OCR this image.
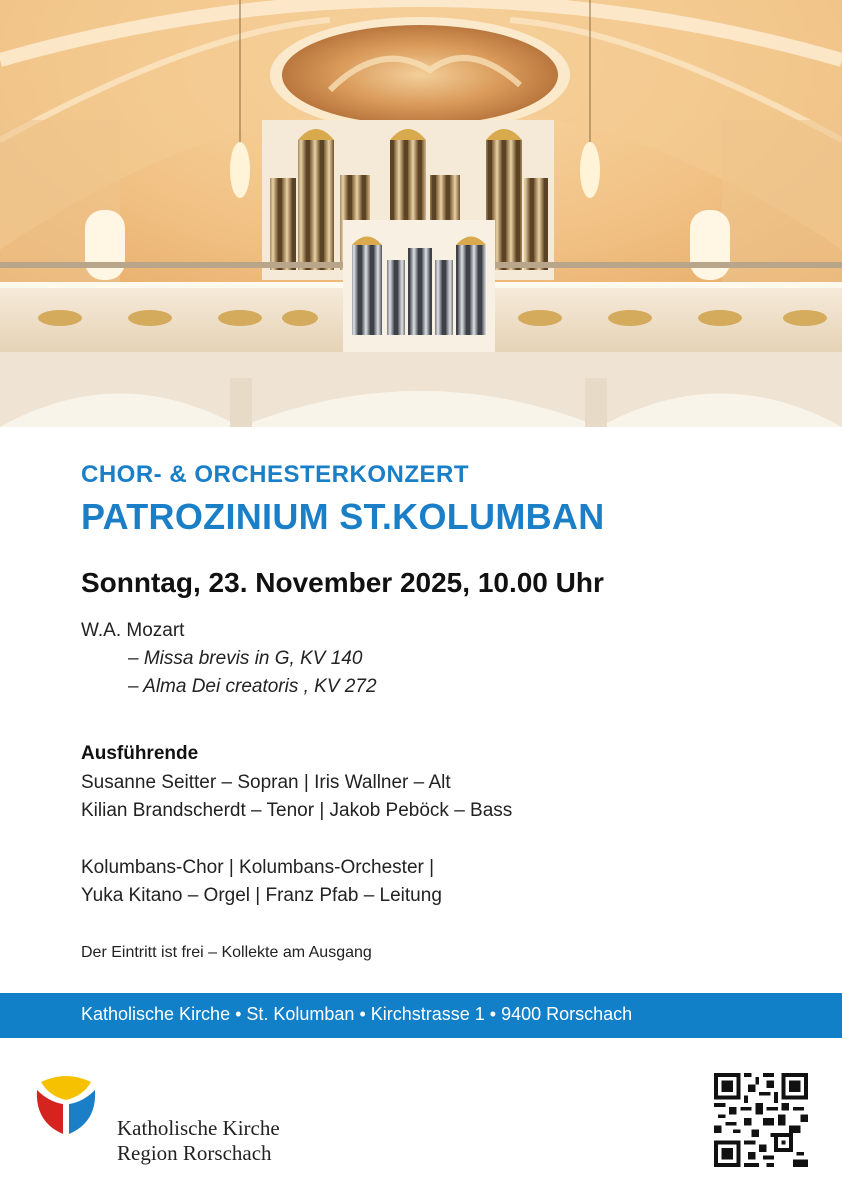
CHOR- & ORCHESTERKONZERT
PATROZINIUM ST.KOLUMBAN
Sonntag, 23. November 2025, 10.00 Uhr
W.A. Mozart
– Missa brevis in G, KV 140
– Alma Dei creatoris , KV 272
Ausführende
Susanne Seitter – Sopran | Iris Wallner – Alt
Kilian Brandscherdt – Tenor | Jakob Peböck – Bass
Kolumbans-Chor | Kolumbans-Orchester |
Yuka Kitano – Orgel | Franz Pfab – Leitung
Der Eintritt ist frei – Kollekte am Ausgang
Katholische Kirche • St. Kolumban • Kirchstrasse 1 • 9400 Rorschach
Katholische Kirche
Region Rorschach
